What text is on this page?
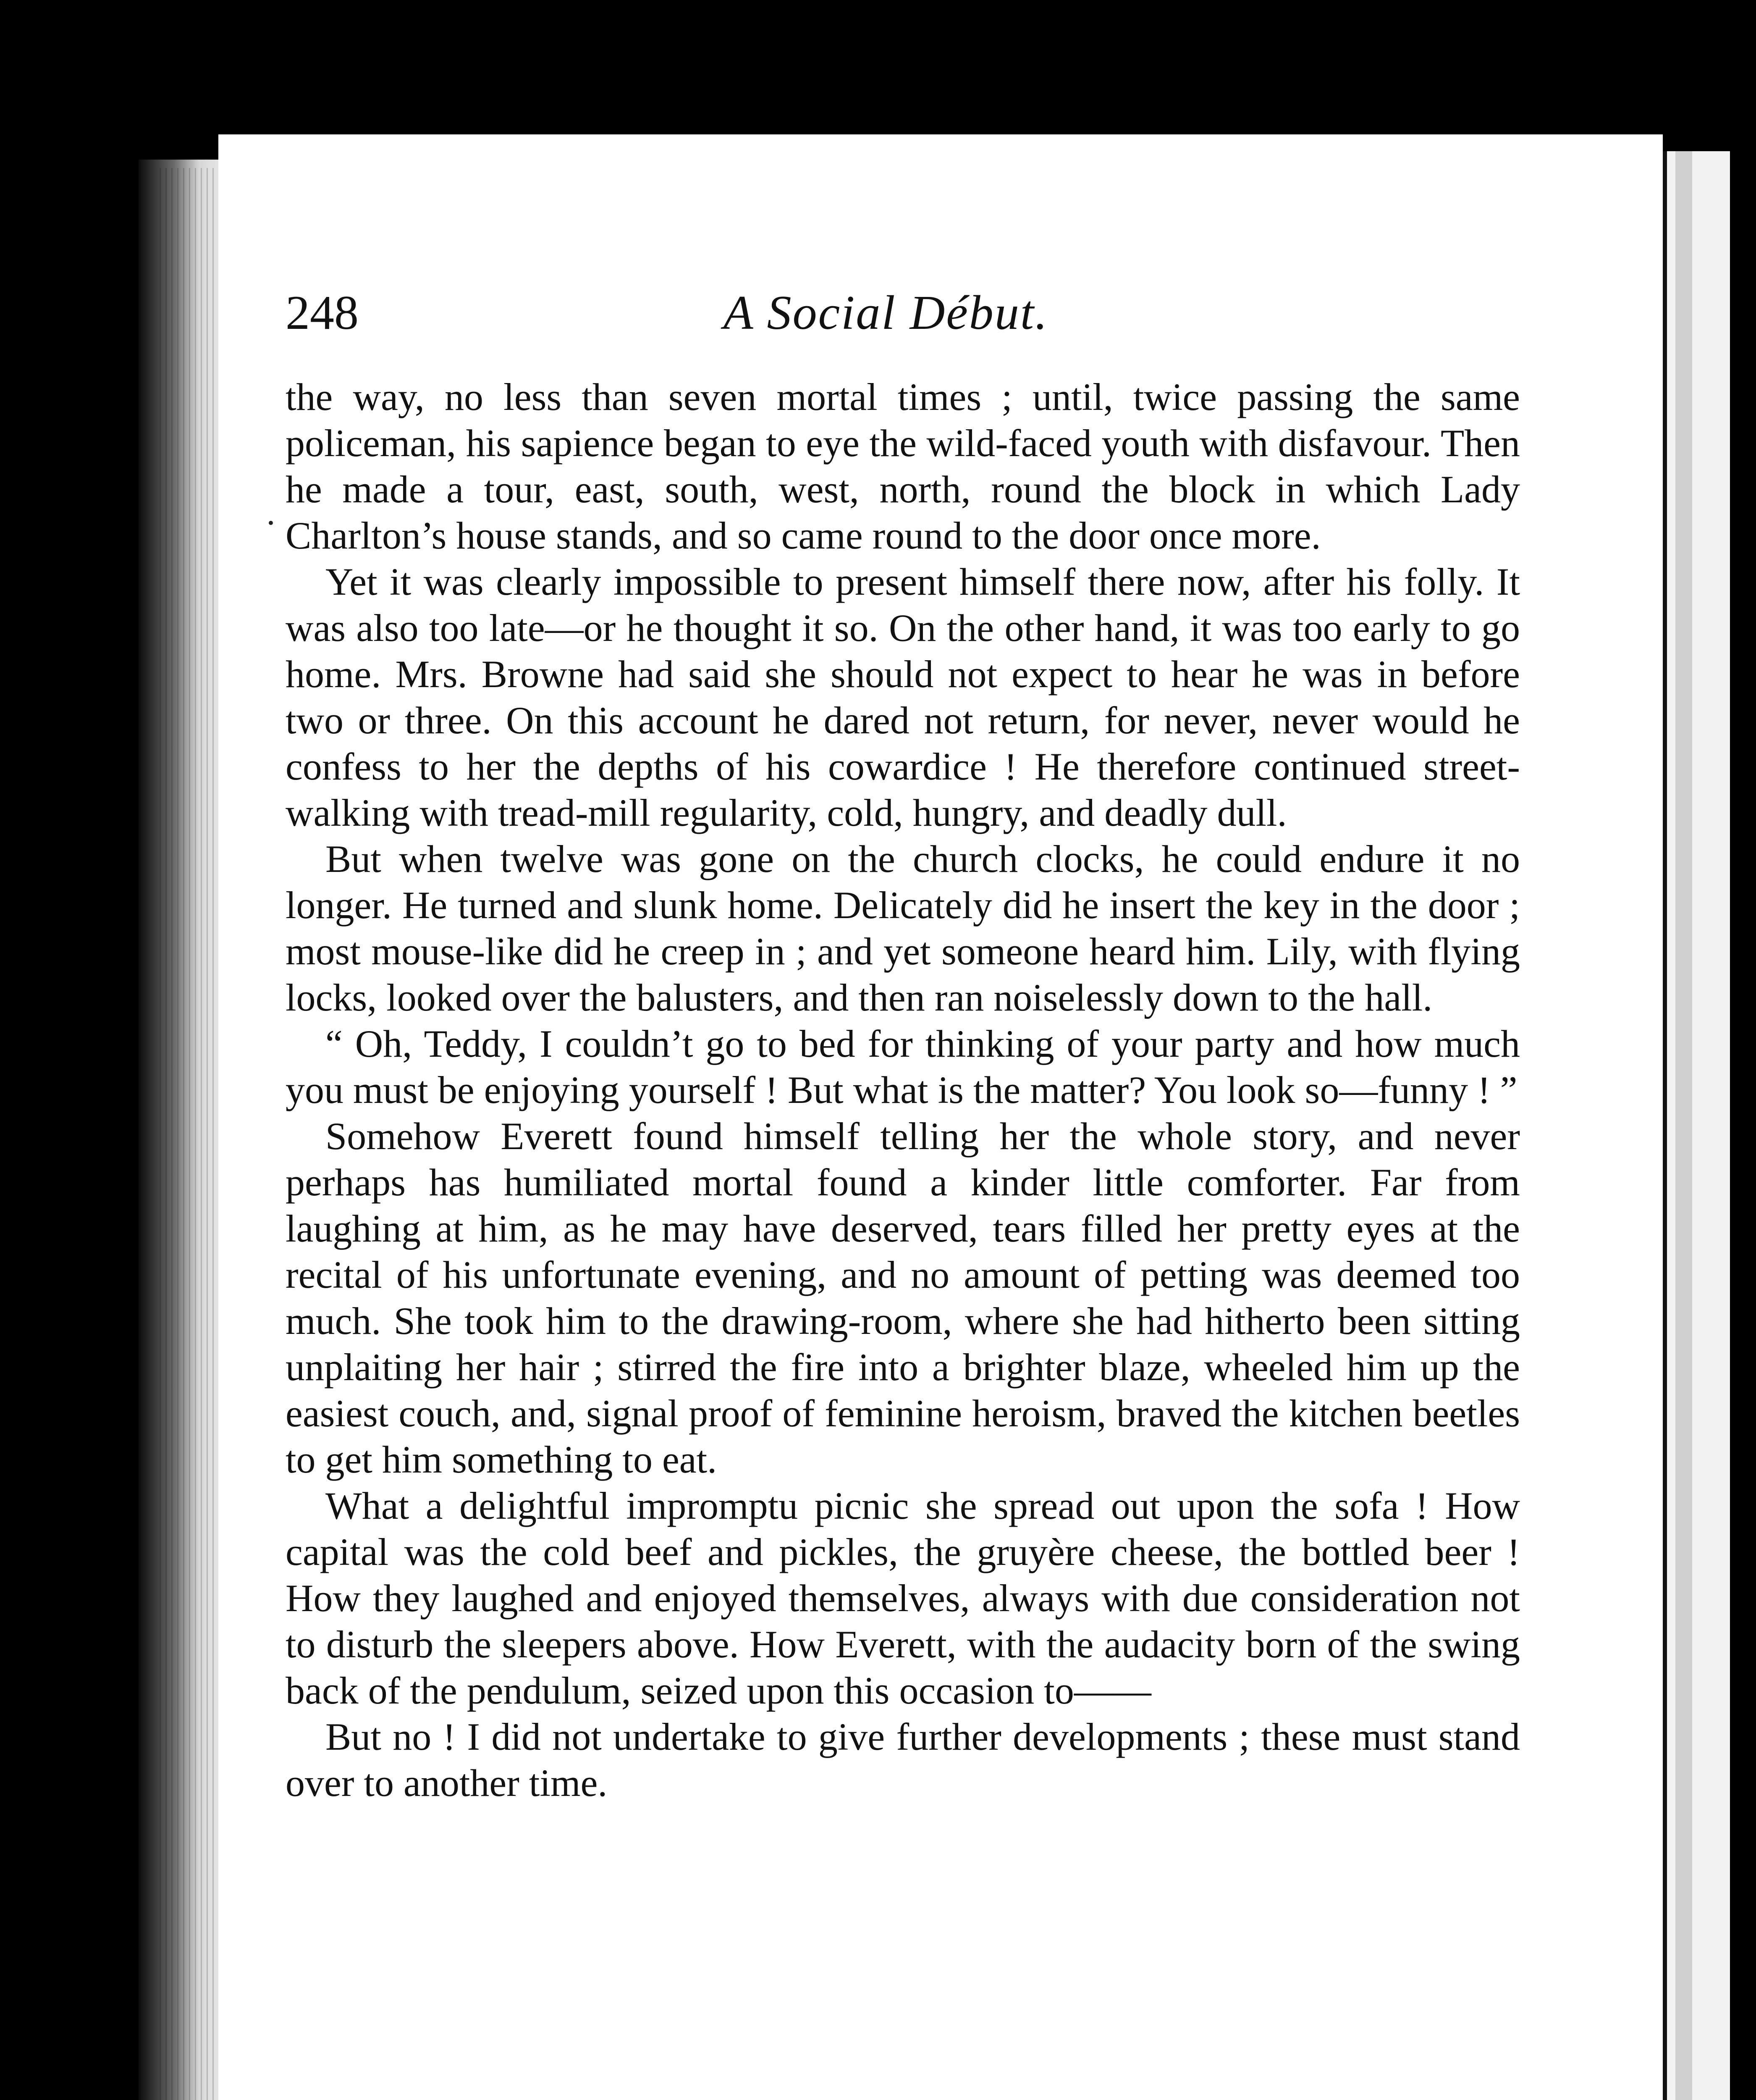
248	A Social Début.

the way, no less than seven mortal times ; until, twice passing the same policeman, his sapience began to eye the wild-faced youth with disfavour. Then he made a tour, east, south, west, north, round the block in which Lady Charlton’s house stands, and so came round to the door once more.

Yet it was clearly impossible to present himself there now, after his folly. It was also too late—or he thought it so. On the other hand, it was too early to go home. Mrs. Browne had said she should not expect to hear he was in before two or three. On this account he dared not return, for never, never would he confess to her the depths of his cowardice ! He therefore continued street-walking with tread-mill regularity, cold, hungry, and deadly dull.

But when twelve was gone on the church clocks, he could endure it no longer. He turned and slunk home. Delicately did he insert the key in the door ; most mouse-like did he creep in ; and yet someone heard him. Lily, with flying locks, looked over the balusters, and then ran noiselessly down to the hall.

“ Oh, Teddy, I couldn’t go to bed for thinking of your party and how much you must be enjoying yourself ! But what is the matter? You look so—funny ! ”

Somehow Everett found himself telling her the whole story, and never perhaps has humiliated mortal found a kinder little comforter. Far from laughing at him, as he may have deserved, tears filled her pretty eyes at the recital of his unfortunate evening, and no amount of petting was deemed too much. She took him to the drawing-room, where she had hitherto been sitting unplaiting her hair ; stirred the fire into a brighter blaze, wheeled him up the easiest couch, and, signal proof of feminine heroism, braved the kitchen beetles to get him something to eat.

What a delightful impromptu picnic she spread out upon the sofa ! How capital was the cold beef and pickles, the gruyère cheese, the bottled beer ! How they laughed and enjoyed themselves, always with due consideration not to disturb the sleepers above. How Everett, with the audacity born of the swing back of the pendulum, seized upon this occasion to——

But no ! I did not undertake to give further developments ; these must stand over to another time.
